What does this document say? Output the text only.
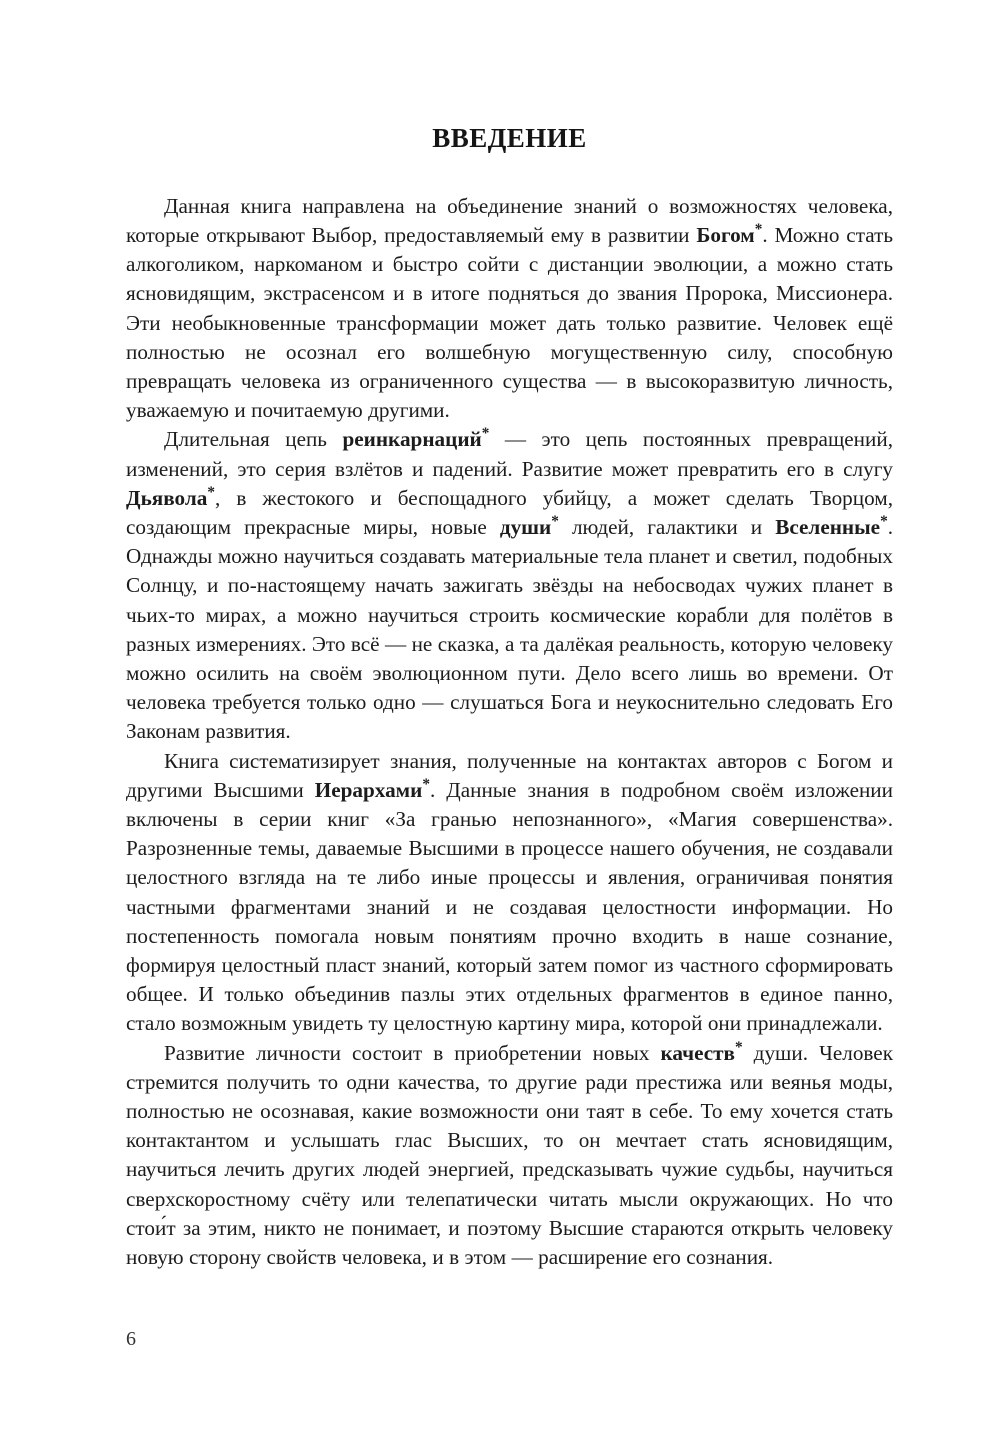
ВВЕДЕНИЕ

Данная книга направлена на объединение знаний о возможностях человека, которые открывают Выбор, предоставляемый ему в развитии Богом*. Можно стать алкоголиком, наркоманом и быстро сойти с дистанции эволюции, а можно стать ясновидящим, экстрасенсом и в итоге подняться до звания Пророка, Миссионера. Эти необыкновенные трансформации может дать только развитие. Человек ещё полностью не осознал его волшебную могущественную силу, способную превращать человека из ограниченного существа — в высокоразвитую личность, уважаемую и почитаемую другими.

Длительная цепь реинкарнаций* — это цепь постоянных превращений, изменений, это серия взлётов и падений. Развитие может превратить его в слугу Дьявола*, в жестокого и беспощадного убийцу, а может сделать Творцом, создающим прекрасные миры, новые души* людей, галактики и Вселенные*. Однажды можно научиться создавать материальные тела планет и светил, подобных Солнцу, и по-настоящему начать зажигать звёзды на небосводах чужих планет в чьих-то мирах, а можно научиться строить космические корабли для полётов в разных измерениях. Это всё — не сказка, а та далёкая реальность, которую человеку можно осилить на своём эволюционном пути. Дело всего лишь во времени. От человека требуется только одно — слушаться Бога и неукоснительно следовать Его Законам развития.

Книга систематизирует знания, полученные на контактах авторов с Богом и другими Высшими Иерархами*. Данные знания в подробном своём изложении включены в серии книг «За гранью непознанного», «Магия совершенства». Разрозненные темы, даваемые Высшими в процессе нашего обучения, не создавали целостного взгляда на те либо иные процессы и явления, ограничивая понятия частными фрагментами знаний и не создавая целостности информации. Но постепенность помогала новым понятиям прочно входить в наше сознание, формируя целостный пласт знаний, который затем помог из частного сформировать общее. И только объединив пазлы этих отдельных фрагментов в единое панно, стало возможным увидеть ту целостную картину мира, которой они принадлежали.

Развитие личности состоит в приобретении новых качеств* души. Человек стремится получить то одни качества, то другие ради престижа или веянья моды, полностью не осознавая, какие возможности они таят в себе. То ему хочется стать контактантом и услышать глас Высших, то он мечтает стать ясновидящим, научиться лечить других людей энергией, предсказывать чужие судьбы, научиться сверхскоростному счёту или телепатически читать мысли окружающих. Но что стои́т за этим, никто не понимает, и поэтому Высшие стараются открыть человеку новую сторону свойств человека, и в этом — расширение его сознания.

6
